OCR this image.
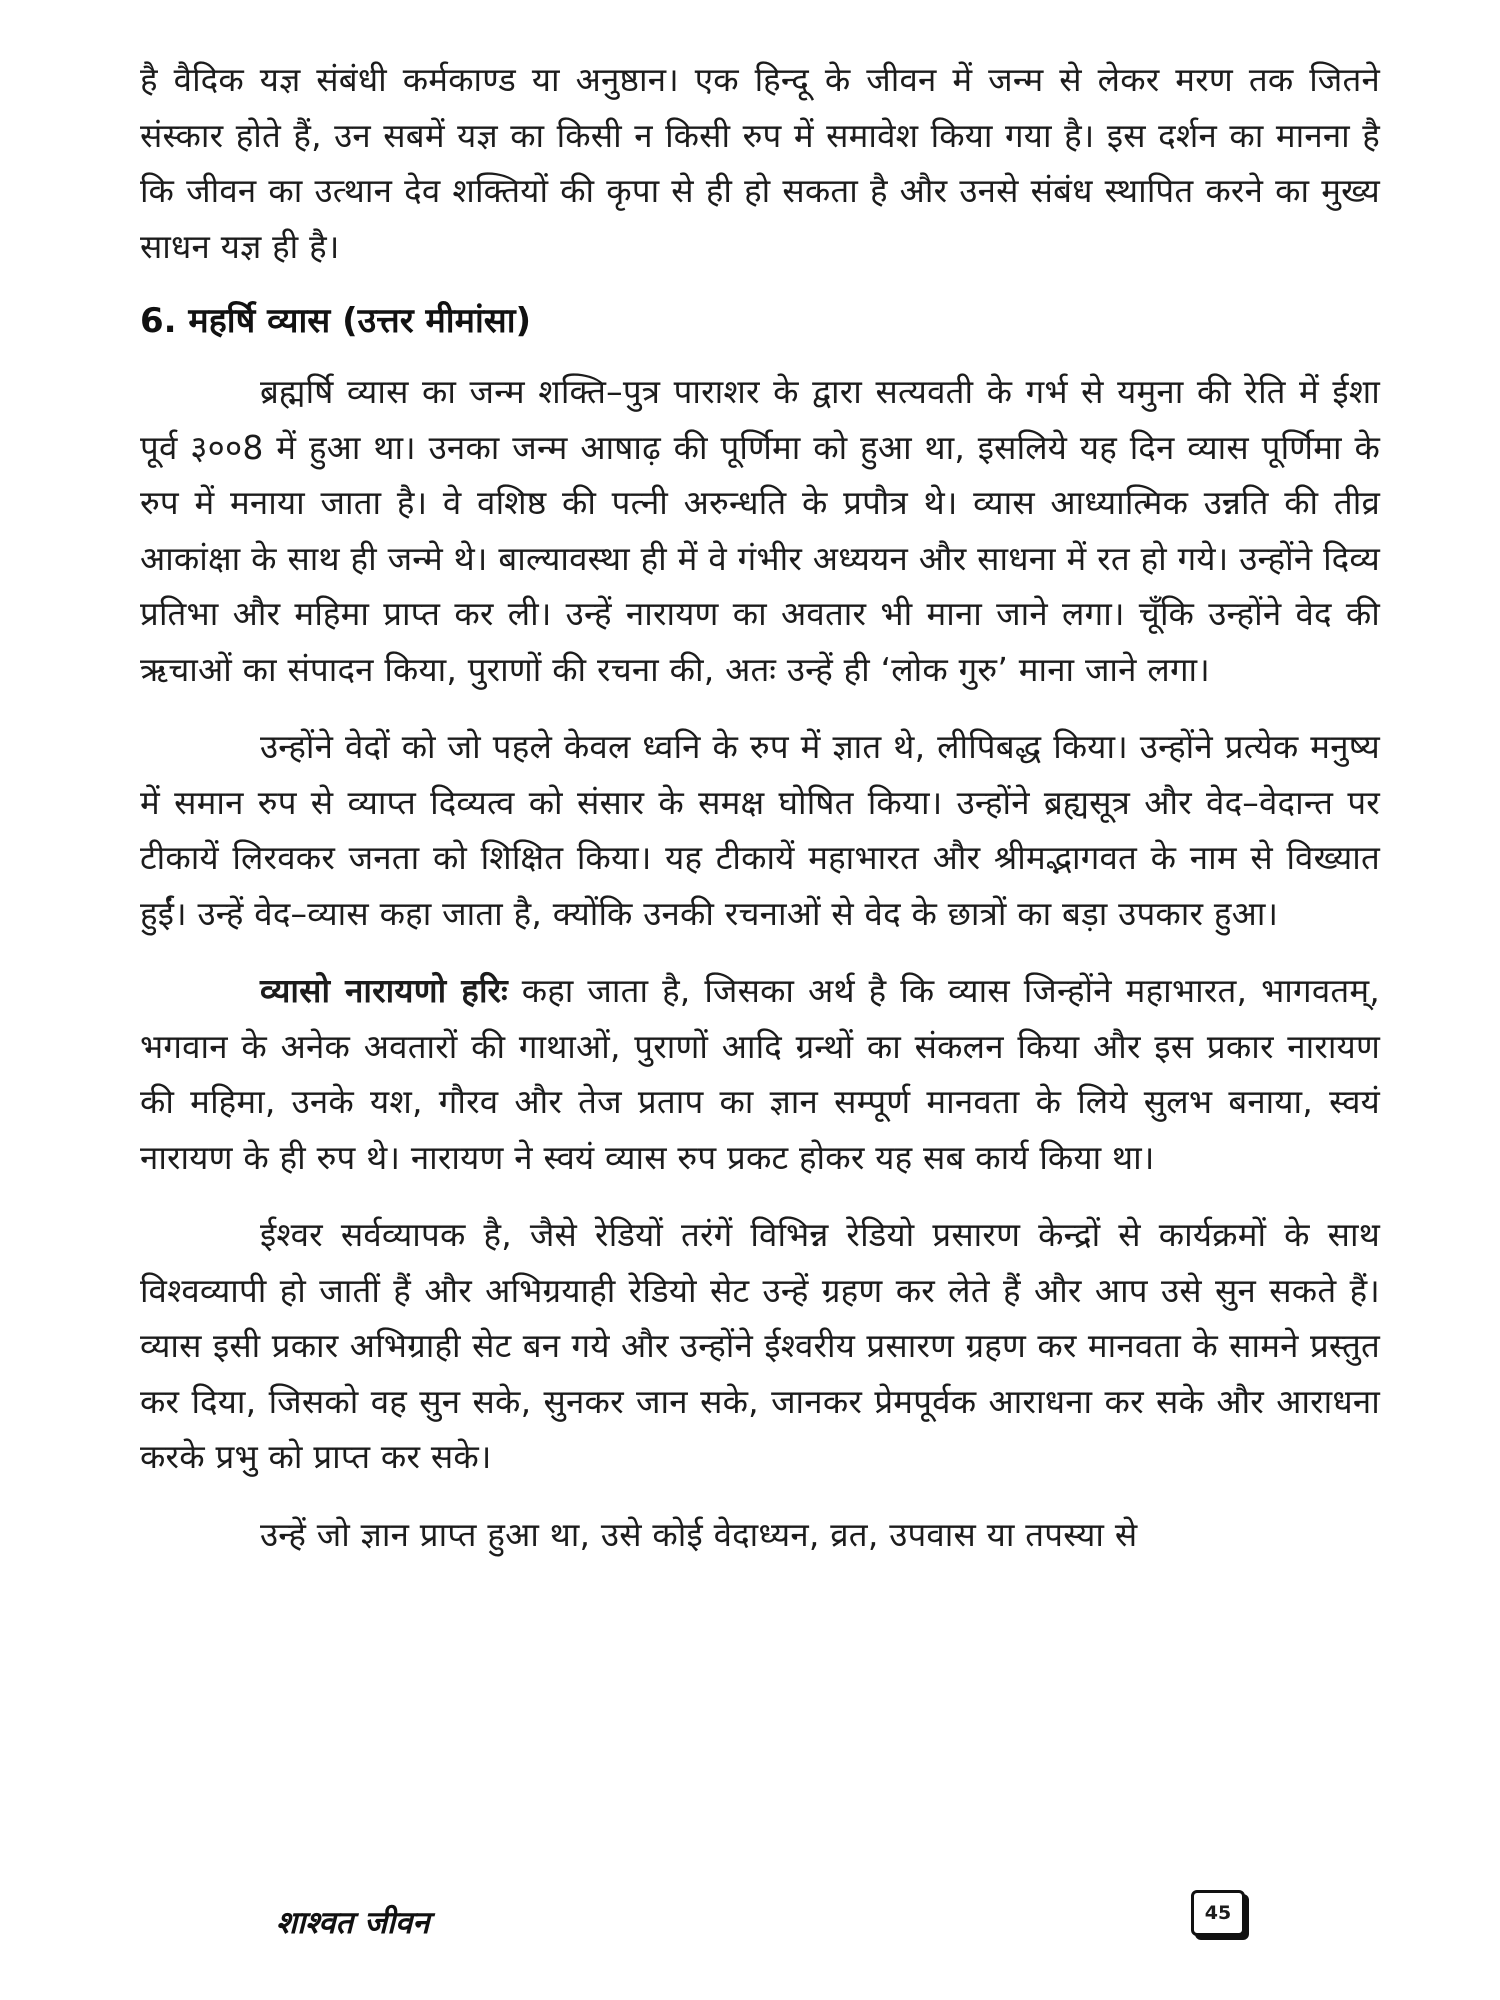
है वैदिक यज्ञ संबंधी कर्मकाण्ड या अनुष्ठान। एक हिन्दू के जीवन में जन्म से लेकर मरण तक जितने संस्कार होते हैं, उन सबमें यज्ञ का किसी न किसी रुप में समावेश किया गया है। इस दर्शन का मानना है कि जीवन का उत्थान देव शक्तियों की कृपा से ही हो सकता है और उनसे संबंध स्थापित करने का मुख्य साधन यज्ञ ही है।

6. महर्षि व्यास (उत्तर मीमांसा)

ब्रह्मर्षि व्यास का जन्म शक्ति–पुत्र पाराशर के द्वारा सत्यवती के गर्भ से यमुना की रेति में ईशा पूर्व ३००8 में हुआ था। उनका जन्म आषाढ़ की पूर्णिमा को हुआ था, इसलिये यह दिन व्यास पूर्णिमा के रुप में मनाया जाता है। वे वशिष्ठ की पत्नी अरुन्धति के प्रपौत्र थे। व्यास आध्यात्मिक उन्नति की तीव्र आकांक्षा के साथ ही जन्मे थे। बाल्यावस्था ही में वे गंभीर अध्ययन और साधना में रत हो गये। उन्होंने दिव्य प्रतिभा और महिमा प्राप्त कर ली। उन्हें नारायण का अवतार भी माना जाने लगा। चूँकि उन्होंने वेद की ऋचाओं का संपादन किया, पुराणों की रचना की, अतः उन्हें ही ‘लोक गुरु’ माना जाने लगा।

उन्होंने वेदों को जो पहले केवल ध्वनि के रुप में ज्ञात थे, लीपिबद्ध किया। उन्होंने प्रत्येक मनुष्य में समान रुप से व्याप्त दिव्यत्व को संसार के समक्ष घोषित किया। उन्होंने ब्रह्यसूत्र और वेद–वेदान्त पर टीकायें लिरवकर जनता को शिक्षित किया। यह टीकायें महाभारत और श्रीमद्भागवत के नाम से विख्यात हुईं। उन्हें वेद–व्यास कहा जाता है, क्योंकि उनकी रचनाओं से वेद के छात्रों का बड़ा उपकार हुआ।

व्यासो नारायणो हरिः कहा जाता है, जिसका अर्थ है कि व्यास जिन्होंने महाभारत, भागवतम्, भगवान के अनेक अवतारों की गाथाओं, पुराणों आदि ग्रन्थों का संकलन किया और इस प्रकार नारायण की महिमा, उनके यश, गौरव और तेज प्रताप का ज्ञान सम्पूर्ण मानवता के लिये सुलभ बनाया, स्वयं नारायण के ही रुप थे। नारायण ने स्वयं व्यास रुप प्रकट होकर यह सब कार्य किया था।

ईश्वर सर्वव्यापक है, जैसे रेडियों तरंगें विभिन्न रेडियो प्रसारण केन्द्रों से कार्यक्रमों के साथ विश्वव्यापी हो जातीं हैं और अभिग्रयाही रेडियो सेट उन्हें ग्रहण कर लेते हैं और आप उसे सुन सकते हैं। व्यास इसी प्रकार अभिग्राही सेट बन गये और उन्होंने ईश्वरीय प्रसारण ग्रहण कर मानवता के सामने प्रस्तुत कर दिया, जिसको वह सुन सके, सुनकर जान सके, जानकर प्रेमपूर्वक आराधना कर सके और आराधना करके प्रभु को प्राप्त कर सके।

उन्हें जो ज्ञान प्राप्त हुआ था, उसे कोई वेदाध्यन, व्रत, उपवास या तपस्या से

शाश्वत जीवन	45
